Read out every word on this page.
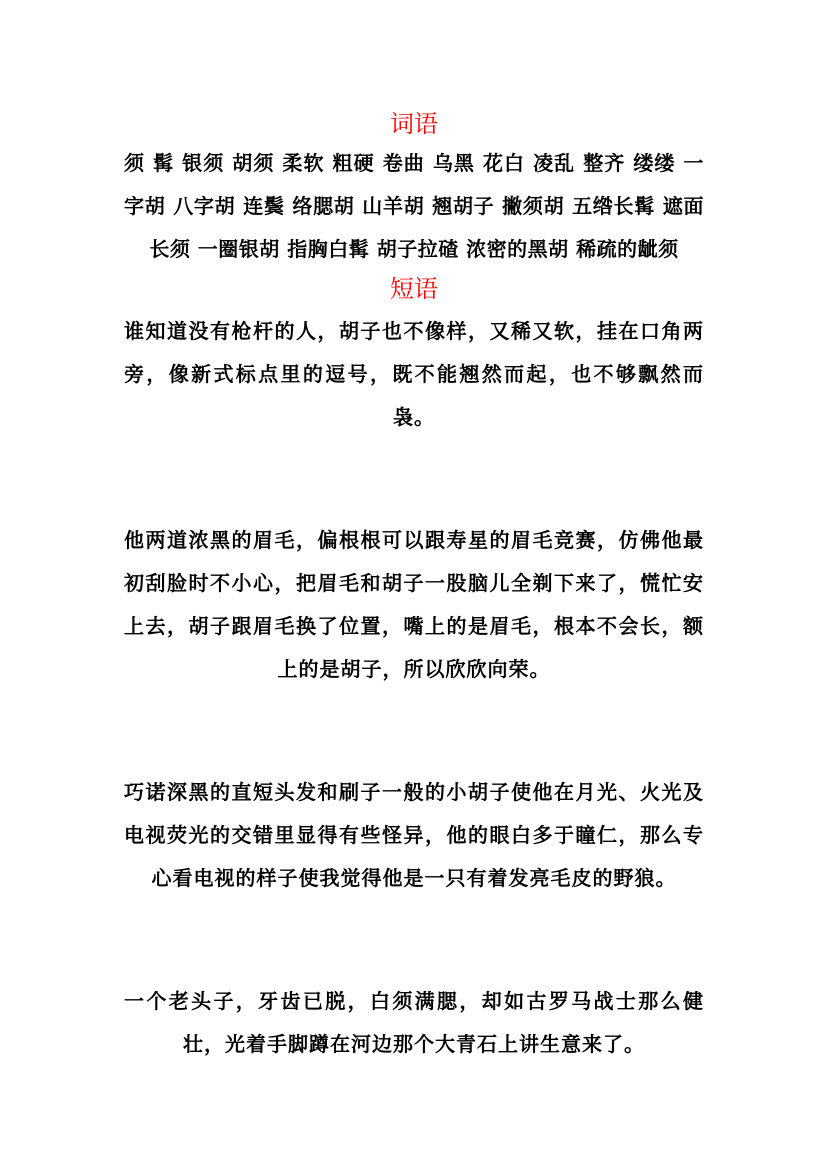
词语

须 髯 银须 胡须 柔软 粗硬 卷曲 乌黑 花白 凌乱 整齐 缕缕 一字胡 八字胡 连鬓 络腮胡 山羊胡 翘胡子 撇须胡 五绺长髯 遮面长须 一圈银胡 指胸白髯 胡子拉碴 浓密的黑胡 稀疏的龇须

短语

谁知道没有枪杆的人，胡子也不像样，又稀又软，挂在口角两旁，像新式标点里的逗号，既不能翘然而起，也不够飘然而袅。

他两道浓黑的眉毛，偏根根可以跟寿星的眉毛竞赛，仿佛他最初刮脸时不小心，把眉毛和胡子一股脑儿全剃下来了，慌忙安上去，胡子跟眉毛换了位置，嘴上的是眉毛，根本不会长，额上的是胡子，所以欣欣向荣。

巧诺深黑的直短头发和刷子一般的小胡子使他在月光、火光及电视荧光的交错里显得有些怪异，他的眼白多于瞳仁，那么专心看电视的样子使我觉得他是一只有着发亮毛皮的野狼。

一个老头子，牙齿已脱，白须满腮，却如古罗马战士那么健壮，光着手脚蹲在河边那个大青石上讲生意来了。
